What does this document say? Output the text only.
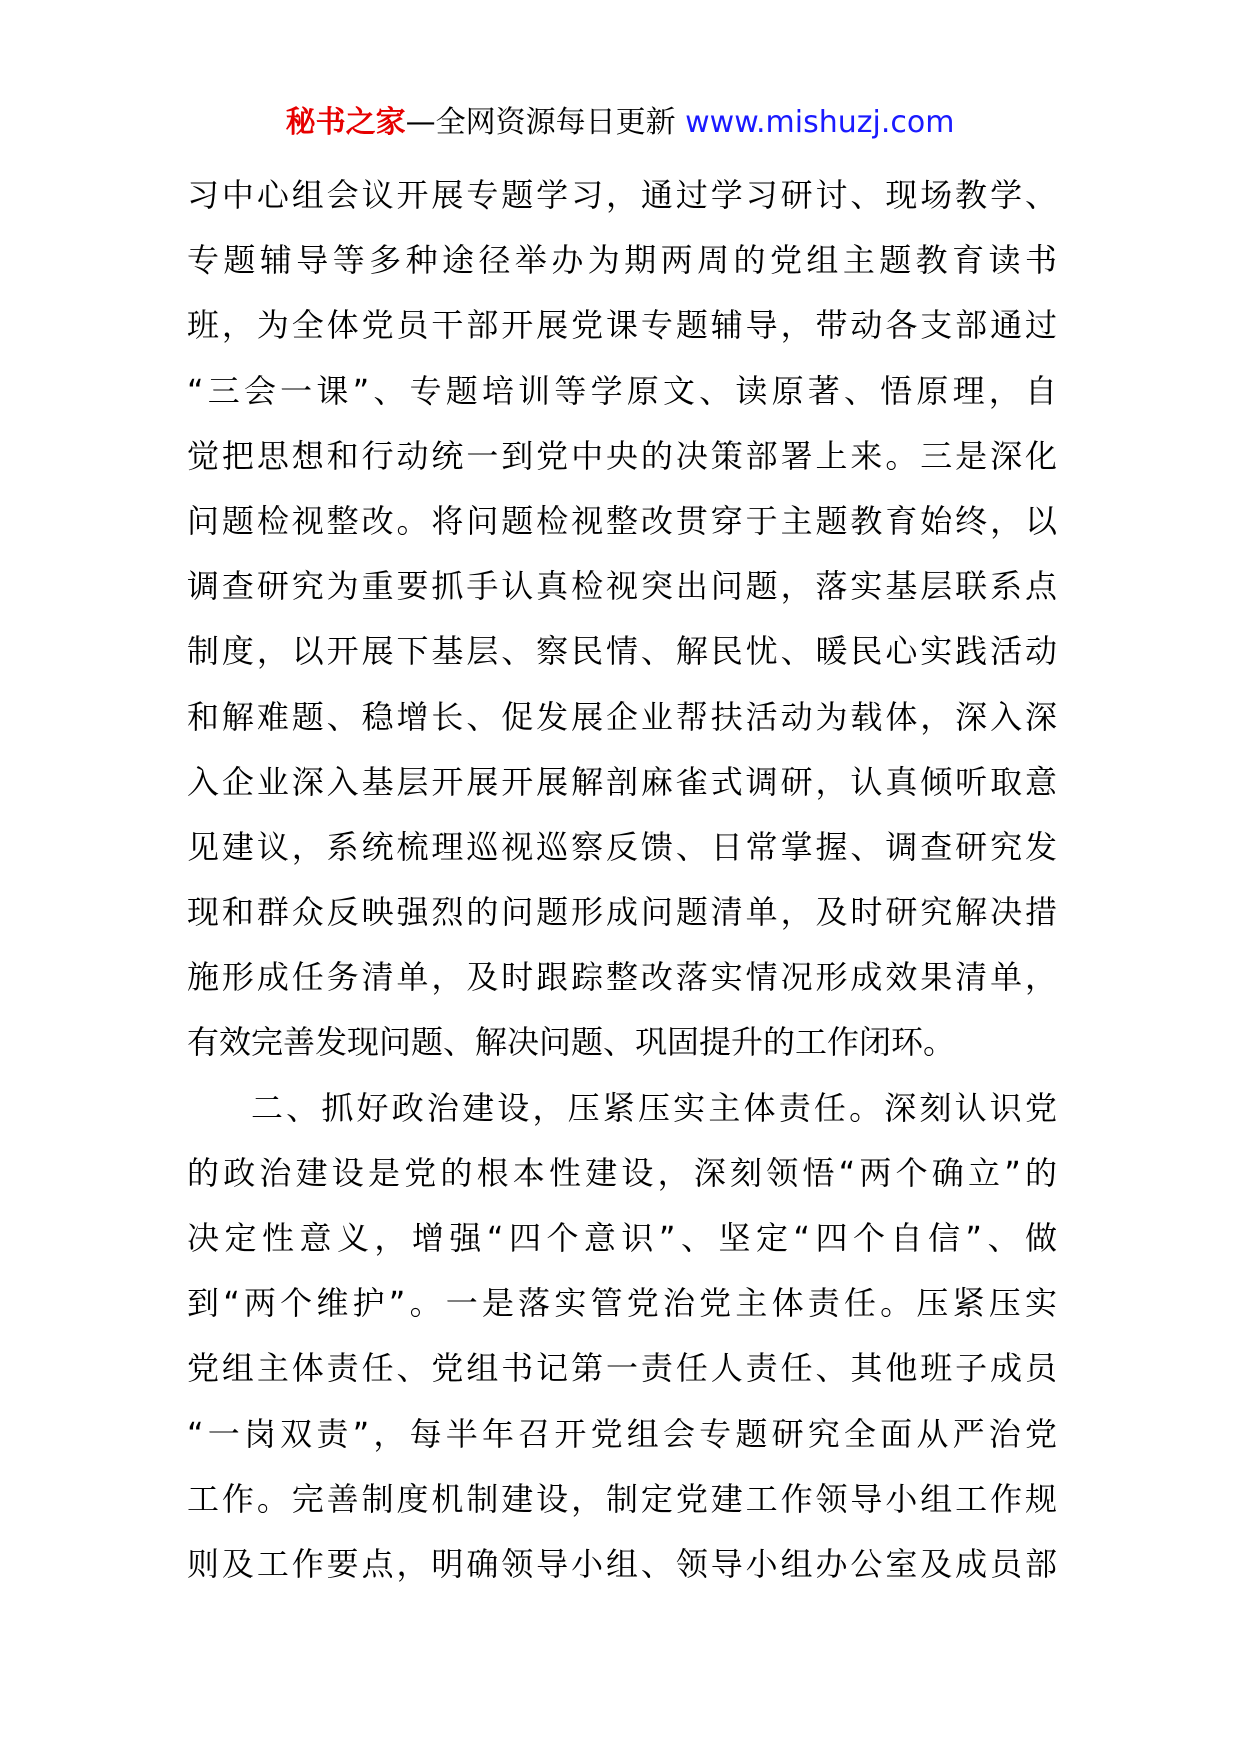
秘书之家—全网资源每日更新 www.mishuzj.com
习中心组会议开展专题学习，通过学习研讨、现场教学、
专题辅导等多种途径举办为期两周的党组主题教育读书
班，为全体党员干部开展党课专题辅导，带动各支部通过
“三会一课”、专题培训等学原文、读原著、悟原理，自
觉把思想和行动统一到党中央的决策部署上来。三是深化
问题检视整改。将问题检视整改贯穿于主题教育始终，以
调查研究为重要抓手认真检视突出问题，落实基层联系点
制度，以开展下基层、察民情、解民忧、暖民心实践活动
和解难题、稳增长、促发展企业帮扶活动为载体，深入深
入企业深入基层开展开展解剖麻雀式调研，认真倾听取意
见建议，系统梳理巡视巡察反馈、日常掌握、调查研究发
现和群众反映强烈的问题形成问题清单，及时研究解决措
施形成任务清单，及时跟踪整改落实情况形成效果清单，
有效完善发现问题、解决问题、巩固提升的工作闭环。
二、抓好政治建设，压紧压实主体责任。深刻认识党
的政治建设是党的根本性建设，深刻领悟“两个确立”的
决定性意义，增强“四个意识”、坚定“四个自信”、做
到“两个维护”。一是落实管党治党主体责任。压紧压实
党组主体责任、党组书记第一责任人责任、其他班子成员
“一岗双责”，每半年召开党组会专题研究全面从严治党
工作。完善制度机制建设，制定党建工作领导小组工作规
则及工作要点，明确领导小组、领导小组办公室及成员部
